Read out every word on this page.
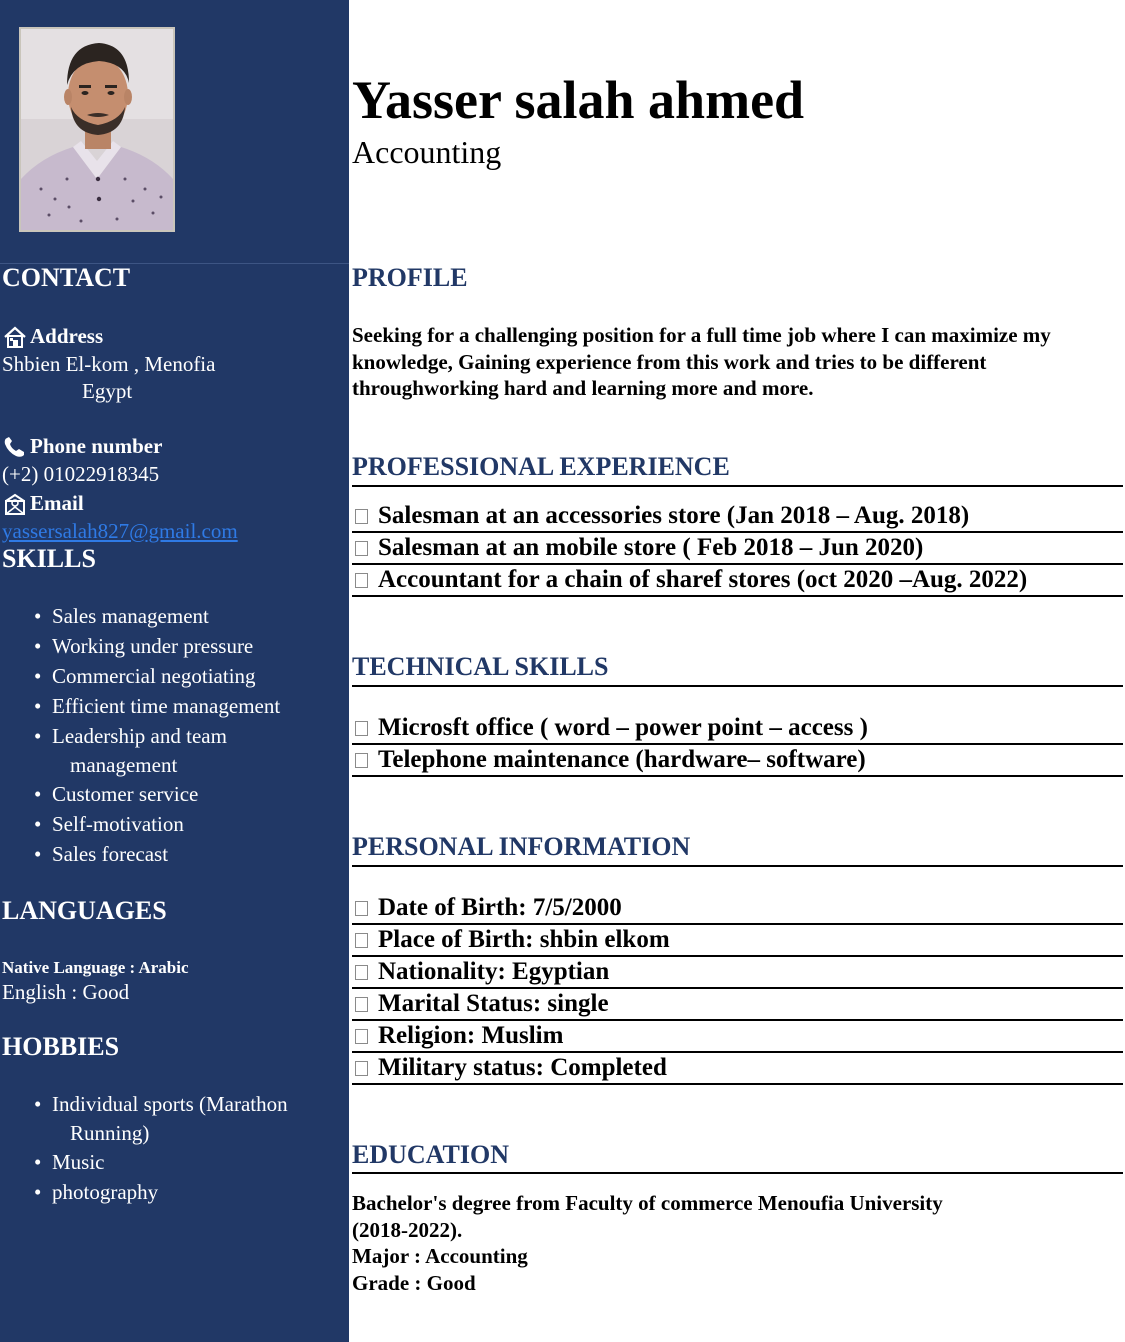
CONTACT
Address
Shbien El-kom , Menofia
Egypt
Phone number
(+2) 01022918345
Email
yassersalah827@gmail.com
SKILLS
• Sales management
• Working under pressure
• Commercial negotiating
• Efficient time management
• Leadership and team
management
• Customer service
• Self-motivation
• Sales forecast
LANGUAGES
Native Language : Arabic
English : Good
HOBBIES
• Individual sports (Marathon
Running)
• Music
• photography
Yasser salah ahmed
Accounting
PROFILE
Seeking for a challenging position for a full time job where I can maximize my
knowledge, Gaining experience from this work and tries to be different
throughworking hard and learning more and more.
PROFESSIONAL EXPERIENCE
Salesman at an accessories store (Jan 2018 – Aug. 2018)
Salesman at an mobile store ( Feb 2018 – Jun 2020)
Accountant for a chain of sharef stores (oct 2020 –Aug. 2022)
TECHNICAL SKILLS
Microsft office ( word – power point – access )
Telephone maintenance (hardware– software)
PERSONAL INFORMATION
Date of Birth: 7/5/2000
Place of Birth: shbin elkom
Nationality: Egyptian
Marital Status: single
Religion: Muslim
Military status: Completed
EDUCATION
Bachelor's degree from Faculty of commerce Menoufia University
(2018-2022).
Major : Accounting
Grade : Good
